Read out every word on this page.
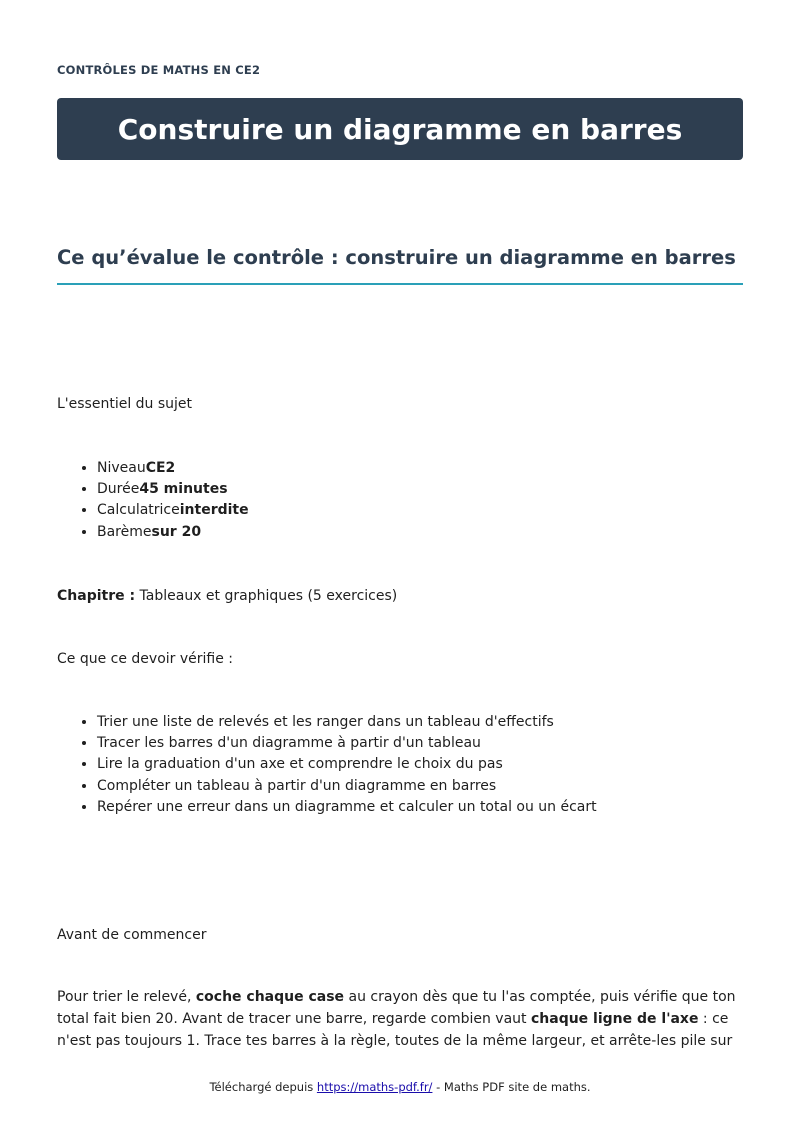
CONTRÔLES DE MATHS EN CE2
Construire un diagramme en barres
Ce qu’évalue le contrôle : construire un diagramme en barres

L'essentiel du sujet

• NiveauCE2
• Durée45 minutes
• Calculatriceinterdite
• Barèmesur 20

Chapitre : Tableaux et graphiques (5 exercices)

Ce que ce devoir vérifie :

• Trier une liste de relevés et les ranger dans un tableau d'effectifs
• Tracer les barres d'un diagramme à partir d'un tableau
• Lire la graduation d'un axe et comprendre le choix du pas
• Compléter un tableau à partir d'un diagramme en barres
• Repérer une erreur dans un diagramme et calculer un total ou un écart

Avant de commencer

Pour trier le relevé, coche chaque case au crayon dès que tu l'as comptée, puis vérifie que ton total fait bien 20. Avant de tracer une barre, regarde combien vaut chaque ligne de l'axe : ce n'est pas toujours 1. Trace tes barres à la règle, toutes de la même largeur, et arrête-les pile sur

Téléchargé depuis https://maths-pdf.fr/ - Maths PDF site de maths.
